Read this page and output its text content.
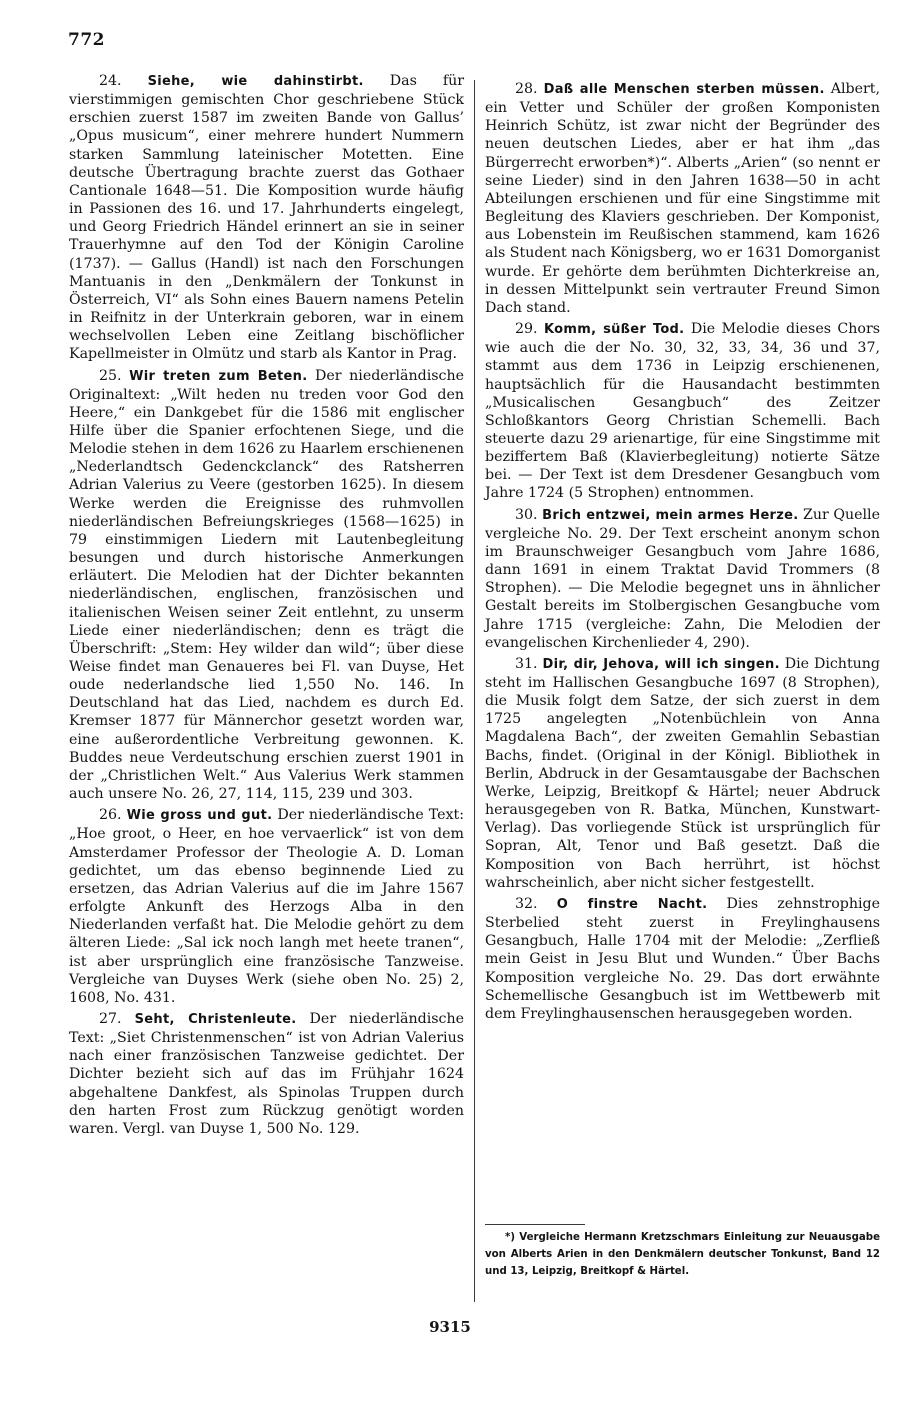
772

24. Siehe, wie dahinstirbt. Das für vierstimmigen gemischten Chor geschriebene Stück erschien zuerst 1587 im zweiten Bande von Gallus’ „Opus musicum“, einer mehrere hundert Nummern starken Sammlung lateinischer Motetten. Eine deutsche Übertragung brachte zuerst das Gothaer Cantionale 1648—51. Die Komposition wurde häufig in Passionen des 16. und 17. Jahrhunderts eingelegt, und Georg Friedrich Händel erinnert an sie in seiner Trauerhymne auf den Tod der Königin Caroline (1737). — Gallus (Handl) ist nach den Forschungen Mantuanis in den „Denkmälern der Tonkunst in Österreich, VI“ als Sohn eines Bauern namens Petelin in Reifnitz in der Unterkrain geboren, war in einem wechselvollen Leben eine Zeitlang bischöflicher Kapellmeister in Olmütz und starb als Kantor in Prag.

25. Wir treten zum Beten. Der niederländische Originaltext: „Wilt heden nu treden voor God den Heere,“ ein Dankgebet für die 1586 mit englischer Hilfe über die Spanier erfochtenen Siege, und die Melodie stehen in dem 1626 zu Haarlem erschienenen „Nederlandtsch Gedenckclanck“ des Ratsherren Adrian Valerius zu Veere (gestorben 1625). In diesem Werke werden die Ereignisse des ruhmvollen niederländischen Befreiungskrieges (1568—1625) in 79 einstimmigen Liedern mit Lautenbegleitung besungen und durch historische Anmerkungen erläutert. Die Melodien hat der Dichter bekannten niederländischen, englischen, französischen und italienischen Weisen seiner Zeit entlehnt, zu unserm Liede einer niederländischen; denn es trägt die Überschrift: „Stem: Hey wilder dan wild“; über diese Weise findet man Genaueres bei Fl. van Duyse, Het oude nederlandsche lied 1,550 No. 146. In Deutschland hat das Lied, nachdem es durch Ed. Kremser 1877 für Männerchor gesetzt worden war, eine außerordentliche Verbreitung gewonnen. K. Buddes neue Verdeutschung erschien zuerst 1901 in der „Christlichen Welt.“ Aus Valerius Werk stammen auch unsere No. 26, 27, 114, 115, 239 und 303.

26. Wie gross und gut. Der niederländische Text: „Hoe groot, o Heer, en hoe vervaerlick“ ist von dem Amsterdamer Professor der Theologie A. D. Loman gedichtet, um das ebenso beginnende Lied zu ersetzen, das Adrian Valerius auf die im Jahre 1567 erfolgte Ankunft des Herzogs Alba in den Niederlanden verfaßt hat. Die Melodie gehört zu dem älteren Liede: „Sal ick noch langh met heete tranen“, ist aber ursprünglich eine französische Tanzweise. Vergleiche van Duyses Werk (siehe oben No. 25) 2, 1608, No. 431.

27. Seht, Christenleute. Der niederländische Text: „Siet Christenmenschen“ ist von Adrian Valerius nach einer französischen Tanzweise gedichtet. Der Dichter bezieht sich auf das im Frühjahr 1624 abgehaltene Dankfest, als Spinolas Truppen durch den harten Frost zum Rückzug genötigt worden waren. Vergl. van Duyse 1, 500 No. 129.

28. Daß alle Menschen sterben müssen. Albert, ein Vetter und Schüler der großen Komponisten Heinrich Schütz, ist zwar nicht der Begründer des neuen deutschen Liedes, aber er hat ihm „das Bürgerrecht erworben*)“. Alberts „Arien“ (so nennt er seine Lieder) sind in den Jahren 1638—50 in acht Abteilungen erschienen und für eine Singstimme mit Begleitung des Klaviers geschrieben. Der Komponist, aus Lobenstein im Reußischen stammend, kam 1626 als Student nach Königsberg, wo er 1631 Domorganist wurde. Er gehörte dem berühmten Dichterkreise an, in dessen Mittelpunkt sein vertrauter Freund Simon Dach stand.

29. Komm, süßer Tod. Die Melodie dieses Chors wie auch die der No. 30, 32, 33, 34, 36 und 37, stammt aus dem 1736 in Leipzig erschienenen, hauptsächlich für die Hausandacht bestimmten „Musicalischen Gesangbuch“ des Zeitzer Schloßkantors Georg Christian Schemelli. Bach steuerte dazu 29 arienartige, für eine Singstimme mit beziffertem Baß (Klavierbegleitung) notierte Sätze bei. — Der Text ist dem Dresdener Gesangbuch vom Jahre 1724 (5 Strophen) entnommen.

30. Brich entzwei, mein armes Herze. Zur Quelle vergleiche No. 29. Der Text erscheint anonym schon im Braunschweiger Gesangbuch vom Jahre 1686, dann 1691 in einem Traktat David Trommers (8 Strophen). — Die Melodie begegnet uns in ähnlicher Gestalt bereits im Stolbergischen Gesangbuche vom Jahre 1715 (vergleiche: Zahn, Die Melodien der evangelischen Kirchenlieder 4, 290).

31. Dir, dir, Jehova, will ich singen. Die Dichtung steht im Hallischen Gesangbuche 1697 (8 Strophen), die Musik folgt dem Satze, der sich zuerst in dem 1725 angelegten „Notenbüchlein von Anna Magdalena Bach“, der zweiten Gemahlin Sebastian Bachs, findet. (Original in der Königl. Bibliothek in Berlin, Abdruck in der Gesamtausgabe der Bachschen Werke, Leipzig, Breitkopf & Härtel; neuer Abdruck herausgegeben von R. Batka, München, Kunstwart-Verlag). Das vorliegende Stück ist ursprünglich für Sopran, Alt, Tenor und Baß gesetzt. Daß die Komposition von Bach herrührt, ist höchst wahrscheinlich, aber nicht sicher festgestellt.

32. O finstre Nacht. Dies zehnstrophige Sterbelied steht zuerst in Freylinghausens Gesangbuch, Halle 1704 mit der Melodie: „Zerfließ mein Geist in Jesu Blut und Wunden.“ Über Bachs Komposition vergleiche No. 29. Das dort erwähnte Schemellische Gesangbuch ist im Wettbewerb mit dem Freylinghausenschen herausgegeben worden.

*) Vergleiche Hermann Kretzschmars Einleitung zur Neuausgabe von Alberts Arien in den Denkmälern deutscher Tonkunst, Band 12 und 13, Leipzig, Breitkopf & Härtel.
9315
